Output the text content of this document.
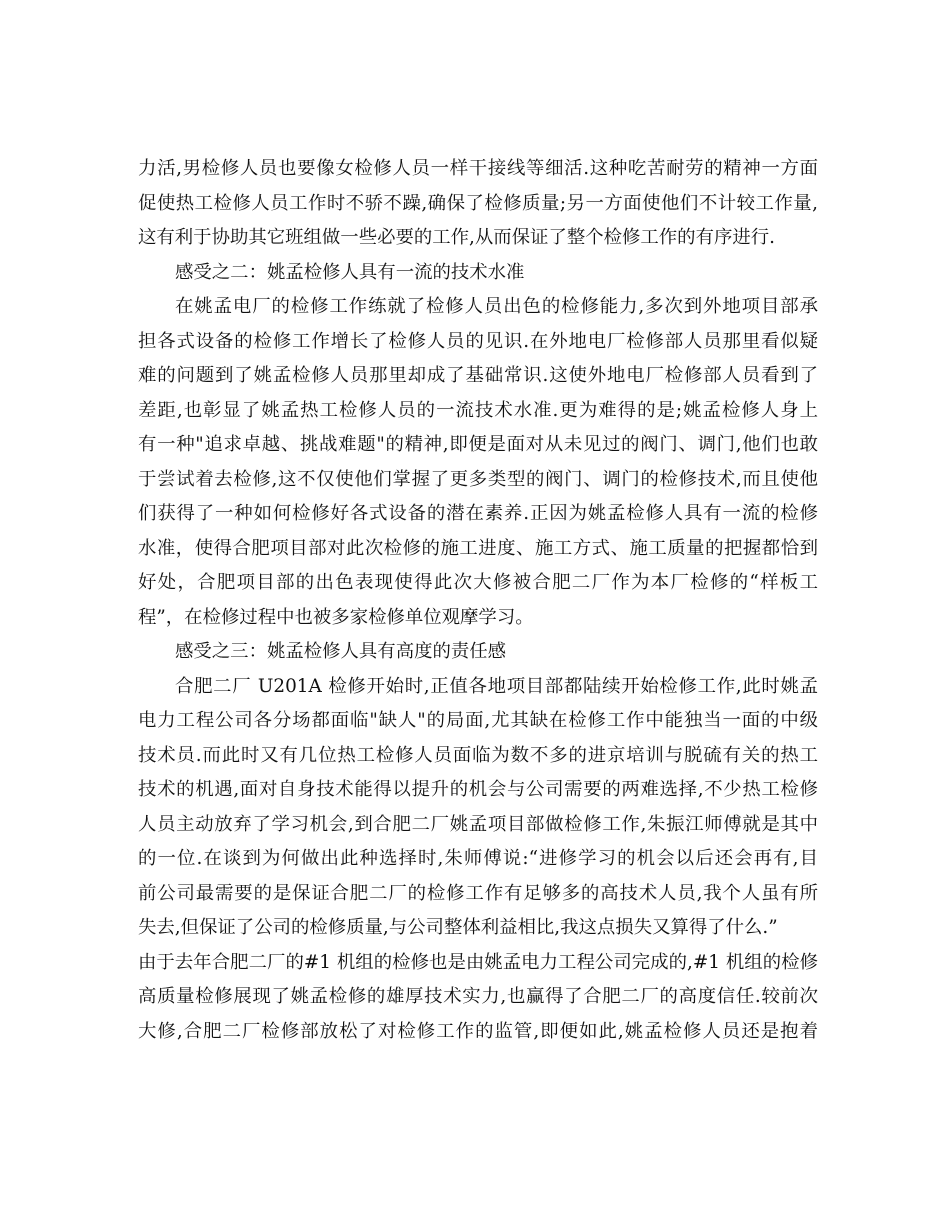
力活,男检修人员也要像女检修人员一样干接线等细活.这种吃苦耐劳的精神一方面
促使热工检修人员工作时不骄不躁,确保了检修质量;另一方面使他们不计较工作量,
这有利于协助其它班组做一些必要的工作,从而保证了整个检修工作的有序进行.
感受之二：姚孟检修人具有一流的技术水准
在姚孟电厂的检修工作练就了检修人员出色的检修能力,多次到外地项目部承
担各式设备的检修工作增长了检修人员的见识.在外地电厂检修部人员那里看似疑
难的问题到了姚孟检修人员那里却成了基础常识.这使外地电厂检修部人员看到了
差距,也彰显了姚孟热工检修人员的一流技术水准.更为难得的是;姚孟检修人身上
有一种"追求卓越、挑战难题"的精神,即便是面对从未见过的阀门、调门,他们也敢
于尝试着去检修,这不仅使他们掌握了更多类型的阀门、调门的检修技术,而且使他
们获得了一种如何检修好各式设备的潜在素养.正因为姚孟检修人具有一流的检修
水准，使得合肥项目部对此次检修的施工进度、施工方式、施工质量的把握都恰到
好处，合肥项目部的出色表现使得此次大修被合肥二厂作为本厂检修的“样板工
程”，在检修过程中也被多家检修单位观摩学习。
感受之三：姚孟检修人具有高度的责任感
合肥二厂 U201A 检修开始时,正值各地项目部都陆续开始检修工作,此时姚孟
电力工程公司各分场都面临"缺人"的局面,尤其缺在检修工作中能独当一面的中级
技术员.而此时又有几位热工检修人员面临为数不多的进京培训与脱硫有关的热工
技术的机遇,面对自身技术能得以提升的机会与公司需要的两难选择,不少热工检修
人员主动放弃了学习机会,到合肥二厂姚孟项目部做检修工作,朱振江师傅就是其中
的一位.在谈到为何做出此种选择时,朱师傅说:“进修学习的机会以后还会再有,目
前公司最需要的是保证合肥二厂的检修工作有足够多的高技术人员,我个人虽有所
失去,但保证了公司的检修质量,与公司整体利益相比,我这点损失又算得了什么.”
由于去年合肥二厂的#1 机组的检修也是由姚孟电力工程公司完成的,#1 机组的检修
高质量检修展现了姚孟检修的雄厚技术实力,也赢得了合肥二厂的高度信任.较前次
大修,合肥二厂检修部放松了对检修工作的监管,即便如此,姚孟检修人员还是抱着
